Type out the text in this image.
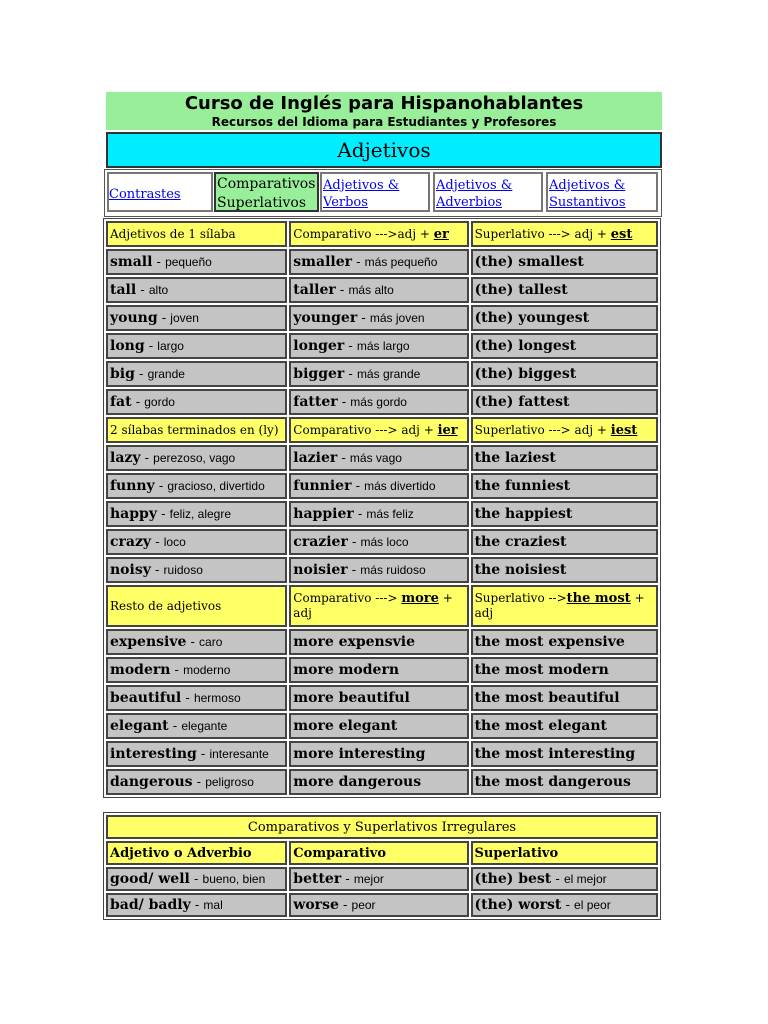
Curso de Inglés para Hispanohablantes
Recursos del Idioma para Estudiantes y Profesores
Adjetivos
Contrastes
Comparativos Superlativos
Adjetivos & Verbos
Adjetivos & Adverbios
Adjetivos & Sustantivos
Adjetivos de 1 sílaba	Comparativo --->adj + er	Superlativo ---> adj + est
small - pequeño	smaller - más pequeño	(the) smallest
tall - alto	taller - más alto	(the) tallest
young - joven	younger - más joven	(the) youngest
long - largo	longer - más largo	(the) longest
big - grande	bigger - más grande	(the) biggest
fat - gordo	fatter - más gordo	(the) fattest
2 sílabas terminados en (ly)	Comparativo ---> adj + ier	Superlativo ---> adj + iest
lazy - perezoso, vago	lazier - más vago	the laziest
funny - gracioso, divertido	funnier - más divertido	the funniest
happy - feliz, alegre	happier - más feliz	the happiest
crazy - loco	crazier - más loco	the craziest
noisy - ruidoso	noisier - más ruidoso	the noisiest
Resto de adjetivos	Comparativo ---> more + adj	Superlativo -->the most + adj
expensive - caro	more expensvie	the most expensive
modern - moderno	more modern	the most modern
beautiful - hermoso	more beautiful	the most beautiful
elegant - elegante	more elegant	the most elegant
interesting - interesante	more interesting	the most interesting
dangerous - peligroso	more dangerous	the most dangerous
Comparativos y Superlativos Irregulares		
Adjetivo o Adverbio	Comparativo	Superlativo
good/ well - bueno, bien	better - mejor	(the) best - el mejor
bad/ badly - mal	worse - peor	(the) worst - el peor
